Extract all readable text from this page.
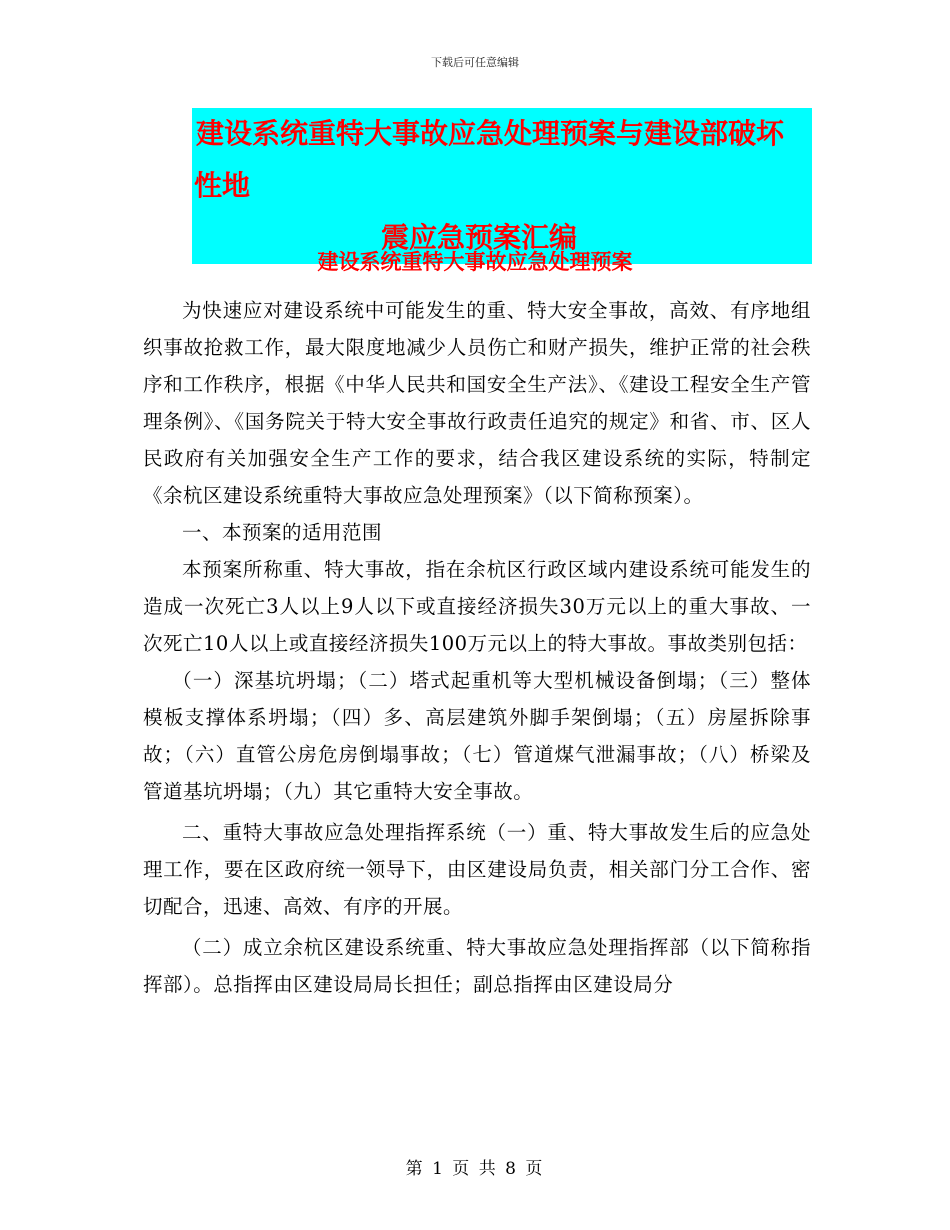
下载后可任意编辑
建设系统重特大事故应急处理预案与建设部破坏性地
震应急预案汇编
建设系统重特大事故应急处理预案

为快速应对建设系统中可能发生的重、特大安全事故，高效、有序地组织事故抢救工作，最大限度地减少人员伤亡和财产损失，维护正常的社会秩序和工作秩序，根据《中华人民共和国安全生产法》、《建设工程安全生产管理条例》、《国务院关于特大安全事故行政责任追究的规定》和省、市、区人民政府有关加强安全生产工作的要求，结合我区建设系统的实际，特制定《余杭区建设系统重特大事故应急处理预案》（以下简称预案）。

一、本预案的适用范围

本预案所称重、特大事故，指在余杭区行政区域内建设系统可能发生的造成一次死亡3人以上9人以下或直接经济损失30万元以上的重大事故、一次死亡10人以上或直接经济损失100万元以上的特大事故。事故类别包括：

（一）深基坑坍塌；（二）塔式起重机等大型机械设备倒塌；（三）整体模板支撑体系坍塌；（四）多、高层建筑外脚手架倒塌；（五）房屋拆除事故；（六）直管公房危房倒塌事故；（七）管道煤气泄漏事故；（八）桥梁及管道基坑坍塌；（九）其它重特大安全事故。

二、重特大事故应急处理指挥系统（一）重、特大事故发生后的应急处理工作，要在区政府统一领导下，由区建设局负责，相关部门分工合作、密切配合，迅速、高效、有序的开展。

（二）成立余杭区建设系统重、特大事故应急处理指挥部（以下简称指挥部）。总指挥由区建设局局长担任；副总指挥由区建设局分

第 1 页 共 8 页
